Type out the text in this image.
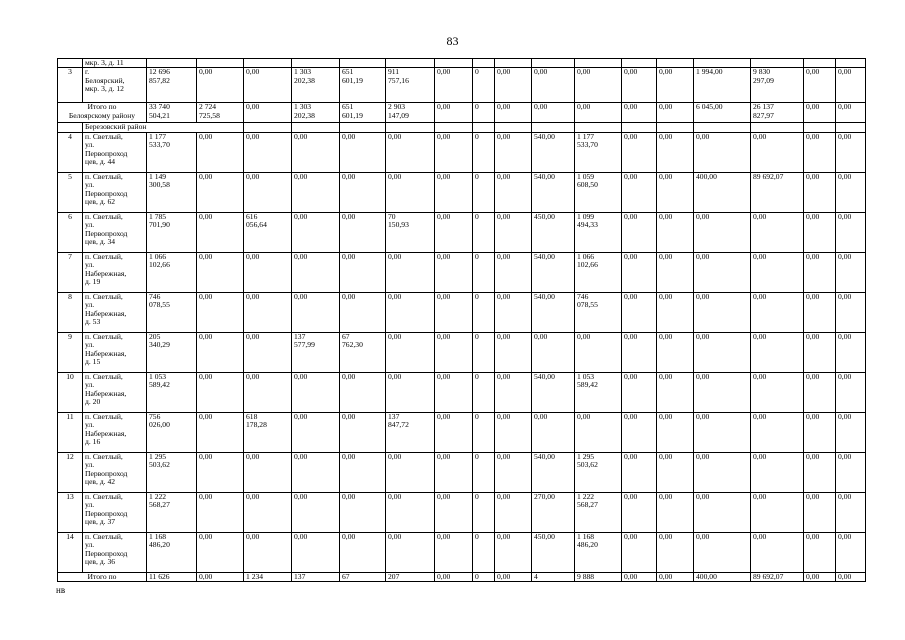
83
	мкр. 3, д. 11																	
3	г.
Белоярский,
мкр. 3, д. 12	12 696
857,82	0,00	0,00	1 303
202,38	651
601,19	911
757,16	0,00	0	0,00	0,00	0,00	0,00	0,00	1 994,00	9 830
297,09	0,00	0,00
Итого по
Белоярскому району		33 740
504,21	2 724
725,58	0,00	1 303
202,38	651
601,19	2 903
147,09	0,00	0	0,00	0,00	0,00	0,00	0,00	6 045,00	26 137
827,97	0,00	0,00
	Березовский район																	
4	п. Светлый,
ул.
Первопроход
цев, д. 44	1 177
533,70	0,00	0,00	0,00	0,00	0,00	0,00	0	0,00	540,00	1 177
533,70	0,00	0,00	0,00	0,00	0,00	0,00
5	п. Светлый,
ул.
Первопроход
цев, д. 62	1 149
300,58	0,00	0,00	0,00	0,00	0,00	0,00	0	0,00	540,00	1 059
608,50	0,00	0,00	400,00	89 692,07	0,00	0,00
6	п. Светлый,
ул.
Первопроход
цев, д. 34	1 785
701,90	0,00	616
056,64	0,00	0,00	70
150,93	0,00	0	0,00	450,00	1 099
494,33	0,00	0,00	0,00	0,00	0,00	0,00
7	п. Светлый,
ул.
Набережная,
д. 19	1 066
102,66	0,00	0,00	0,00	0,00	0,00	0,00	0	0,00	540,00	1 066
102,66	0,00	0,00	0,00	0,00	0,00	0,00
8	п. Светлый,
ул.
Набережная,
д. 53	746
078,55	0,00	0,00	0,00	0,00	0,00	0,00	0	0,00	540,00	746
078,55	0,00	0,00	0,00	0,00	0,00	0,00
9	п. Светлый,
ул.
Набережная,
д. 15	205
340,29	0,00	0,00	137
577,99	67
762,30	0,00	0,00	0	0,00	0,00	0,00	0,00	0,00	0,00	0,00	0,00	0,00
10	п. Светлый,
ул.
Набережная,
д. 20	1 053
589,42	0,00	0,00	0,00	0,00	0,00	0,00	0	0,00	540,00	1 053
589,42	0,00	0,00	0,00	0,00	0,00	0,00
11	п. Светлый,
ул.
Набережная,
д. 16	756
026,00	0,00	618
178,28	0,00	0,00	137
847,72	0,00	0	0,00	0,00	0,00	0,00	0,00	0,00	0,00	0,00	0,00
12	п. Светлый,
ул.
Первопроход
цев, д. 42	1 295
503,62	0,00	0,00	0,00	0,00	0,00	0,00	0	0,00	540,00	1 295
503,62	0,00	0,00	0,00	0,00	0,00	0,00
13	п. Светлый,
ул.
Первопроход
цев, д. 37	1 222
568,27	0,00	0,00	0,00	0,00	0,00	0,00	0	0,00	270,00	1 222
568,27	0,00	0,00	0,00	0,00	0,00	0,00
14	п. Светлый,
ул.
Первопроход
цев, д. 36	1 168
486,20	0,00	0,00	0,00	0,00	0,00	0,00	0	0,00	450,00	1 168
486,20	0,00	0,00	0,00	0,00	0,00	0,00
Итого по		11 626	0,00	1 234	137	67	207	0,00	0	0,00	4	9 888	0,00	0,00	400,00	89 692,07	0,00	0,00
нв
